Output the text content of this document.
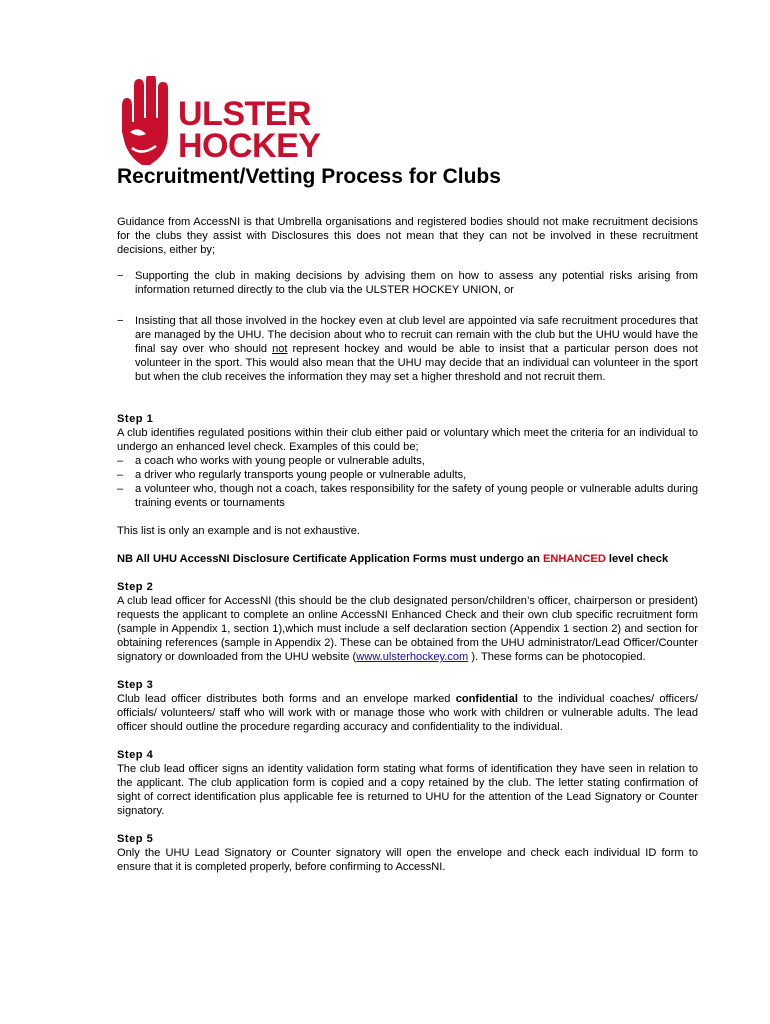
ULSTER
HOCKEY
Recruitment/Vetting Process for Clubs

Guidance from AccessNI is that Umbrella organisations and registered bodies should not make recruitment decisions for the clubs they assist with Disclosures this does not mean that they can not be involved in these recruitment decisions, either by;

− Supporting the club in making decisions by advising them on how to assess any potential risks arising from information returned directly to the club via the ULSTER HOCKEY UNION, or
− Insisting that all those involved in the hockey even at club level are appointed via safe recruitment procedures that are managed by the UHU. The decision about who to recruit can remain with the club but the UHU would have the final say over who should not represent hockey and would be able to insist that a particular person does not volunteer in the sport. This would also mean that the UHU may decide that an individual can volunteer in the sport but when the club receives the information they may set a higher threshold and not recruit them.

Step 1

A club identifies regulated positions within their club either paid or voluntary which meet the criteria for an individual to undergo an enhanced level check. Examples of this could be;

– a coach who works with young people or vulnerable adults,
– a driver who regularly transports young people or vulnerable adults,
– a volunteer who, though not a coach, takes responsibility for the safety of young people or vulnerable adults during training events or tournaments

This list is only an example and is not exhaustive.

NB All UHU AccessNI Disclosure Certificate Application Forms must undergo an ENHANCED level check

Step 2

A club lead officer for AccessNI (this should be the club designated person/children’s officer, chairperson or president) requests the applicant to complete an online AccessNI Enhanced Check and their own club specific recruitment form (sample in Appendix 1, section 1),which must include a self declaration section (Appendix 1 section 2) and section for obtaining references (sample in Appendix 2). These can be obtained from the UHU administrator/Lead Officer/Counter signatory or downloaded from the UHU website (www.ulsterhockey.com ). These forms can be photocopied.

Step 3

Club lead officer distributes both forms and an envelope marked confidential to the individual coaches/ officers/ officials/ volunteers/ staff who will work with or manage those who work with children or vulnerable adults. The lead officer should outline the procedure regarding accuracy and confidentiality to the individual.

Step 4

The club lead officer signs an identity validation form stating what forms of identification they have seen in relation to the applicant. The club application form is copied and a copy retained by the club. The letter stating confirmation of sight of correct identification plus applicable fee is returned to UHU for the attention of the Lead Signatory or Counter signatory.

Step 5

Only the UHU Lead Signatory or Counter signatory will open the envelope and check each individual ID form to ensure that it is completed properly, before confirming to AccessNI.
